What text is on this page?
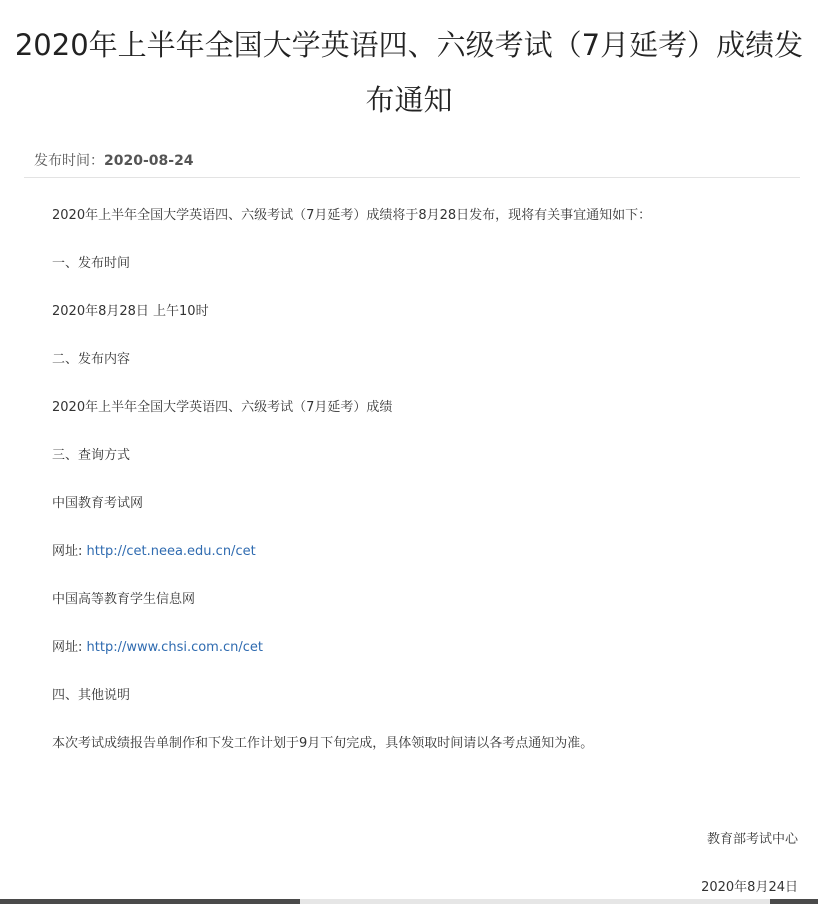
2020年上半年全国大学英语四、六级考试（7月延考）成绩发
布通知
发布时间：2020-08-24
2020年上半年全国大学英语四、六级考试（7月延考）成绩将于8月28日发布，现将有关事宜通知如下：
一、发布时间
2020年8月28日 上午10时
二、发布内容
2020年上半年全国大学英语四、六级考试（7月延考）成绩
三、查询方式
中国教育考试网
网址: http://cet.neea.edu.cn/cet
中国高等教育学生信息网
网址: http://www.chsi.com.cn/cet
四、其他说明
本次考试成绩报告单制作和下发工作计划于9月下旬完成，具体领取时间请以各考点通知为准。
教育部考试中心
2020年8月24日
